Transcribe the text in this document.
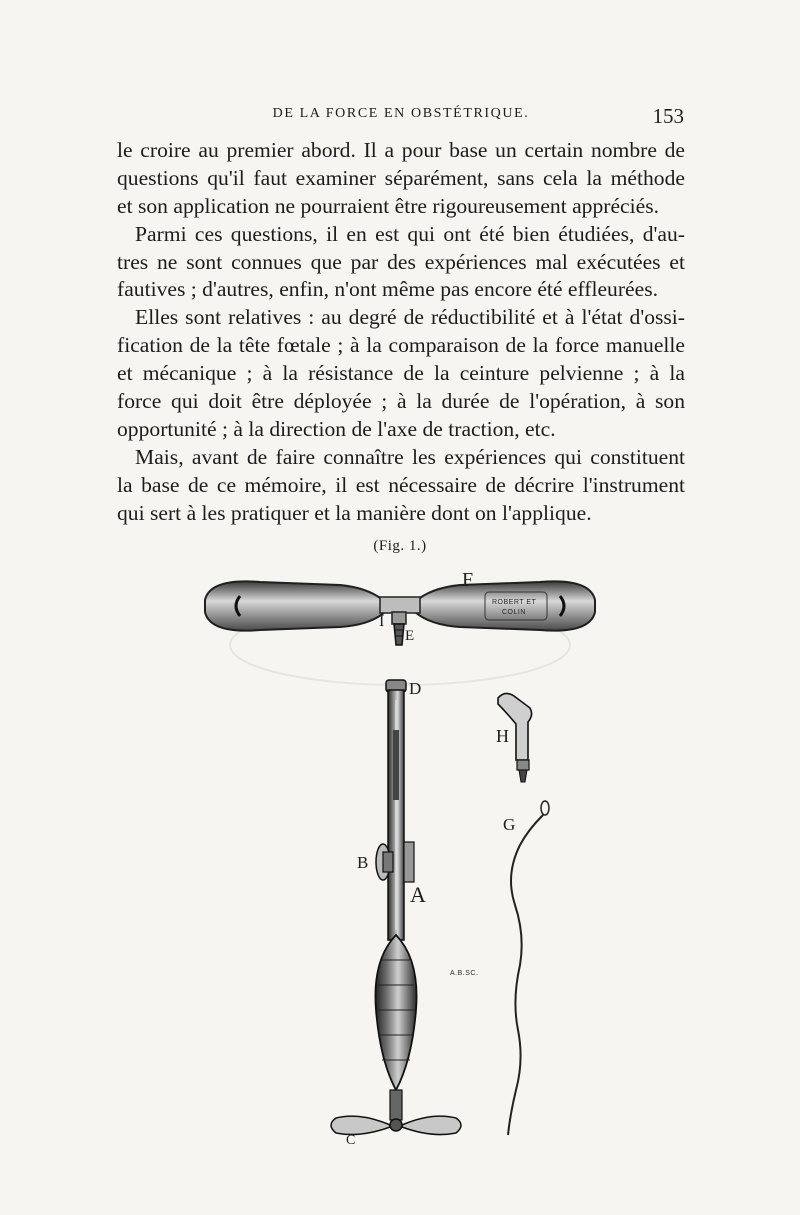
DE LA FORCE EN OBSTÉTRIQUE.	153
le croire au premier abord. Il a pour base un certain nombre de
questions qu'il faut examiner séparément, sans cela la méthode
et son application ne pourraient être rigoureusement appréciés.
Parmi ces questions, il en est qui ont été bien étudiées, d'au-
tres ne sont connues que par des expériences mal exécutées et
fautives ; d'autres, enfin, n'ont même pas encore été effleurées.
Elles sont relatives : au degré de réductibilité et à l'état d'ossi-
fication de la tête fœtale ; à la comparaison de la force manuelle
et mécanique ; à la résistance de la ceinture pelvienne ; à la
force qui doit être déployée ; à la durée de l'opération, à son
opportunité ; à la direction de l'axe de traction, etc.
Mais, avant de faire connaître les expériences qui constituent
la base de ce mémoire, il est nécessaire de décrire l'instrument
qui sert à les pratiquer et la manière dont on l'applique.
(Fig. 1.)
ROBERT ET
COLIN
F
I
E
D
B
A
A.B.SC.
C
H
G
